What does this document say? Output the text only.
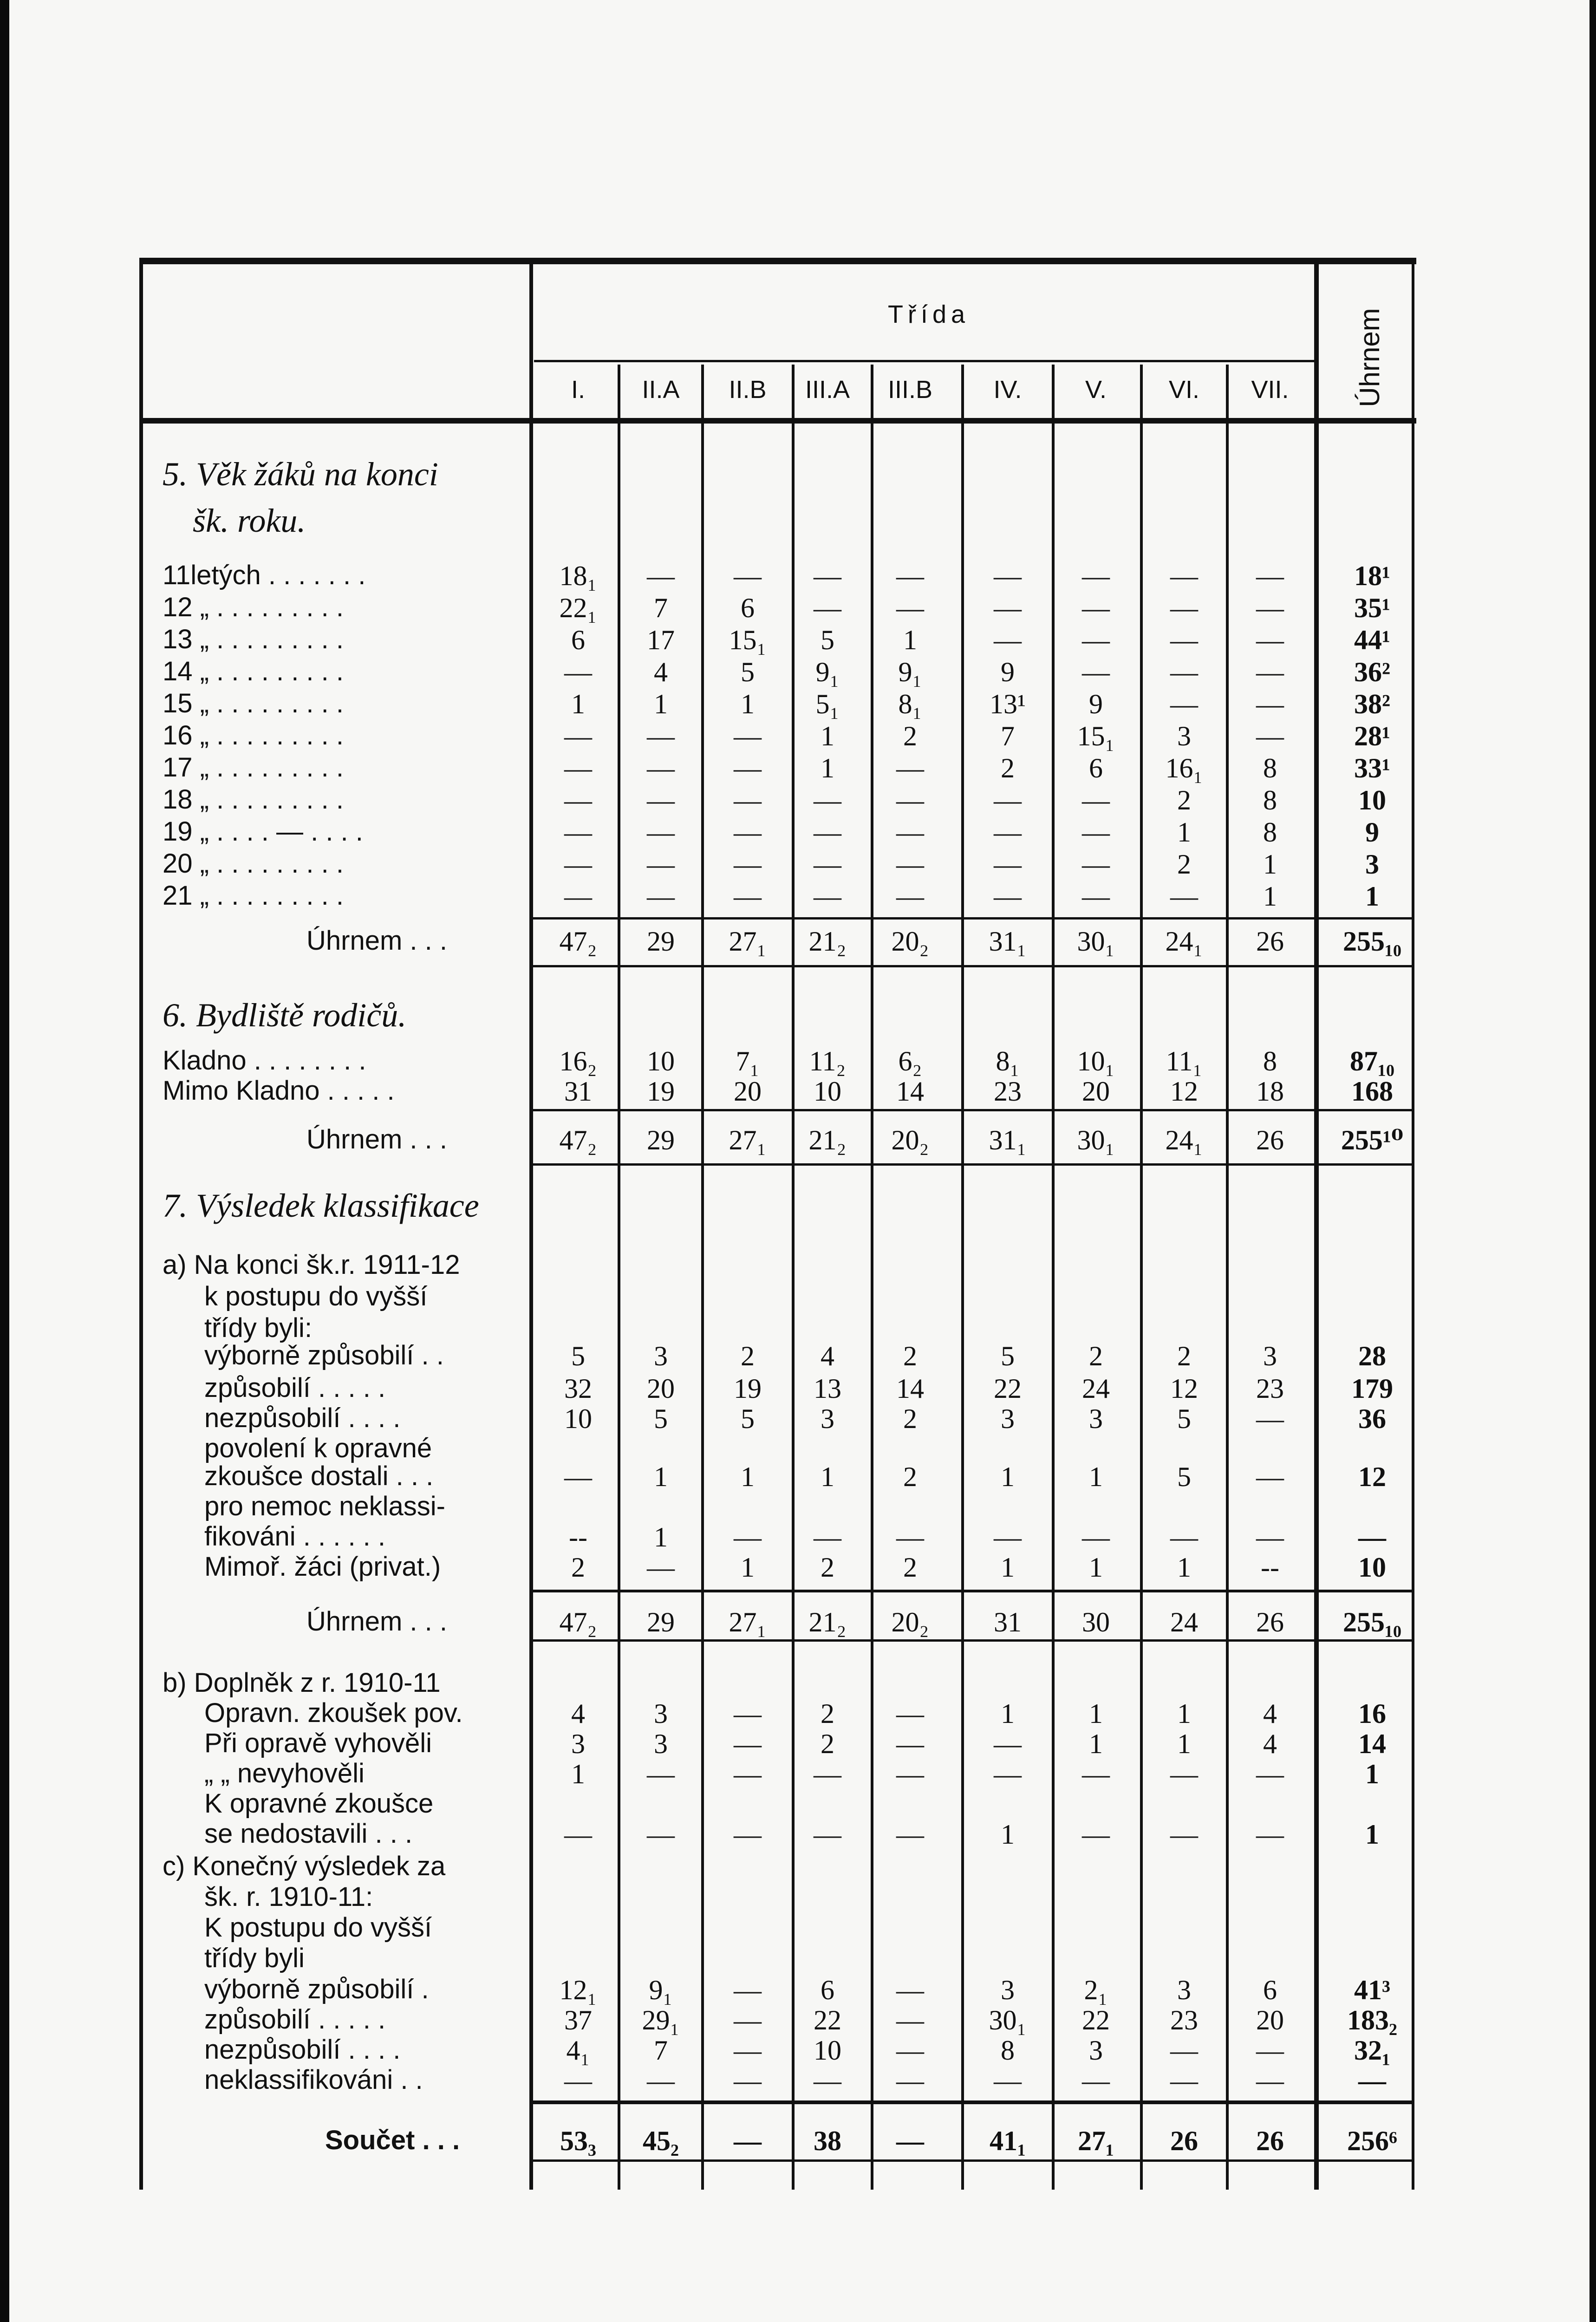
Třída
I.	II.A	II.B	III.A	III.B	IV.	V.	VI.	VII.	Úhrnem
5. Věk žáků na konci
šk. roku.
11letých . . . . . . .	18₁	—	—	—	—	—	—	—	—	18¹
12 „ . . . . . . . . .	22₁	7	6	—	—	—	—	—	—	35¹
13 „ . . . . . . . . .	6	17	15₁	5	1	—	—	—	—	44¹
14 „ . . . . . . . . .	—	4	5	9₁	9₁	9	—	—	—	36²
15 „ . . . . . . . . .	1	1	1	5₁	8₁	13¹	9	—	—	38²
16 „ . . . . . . . . .	—	—	—	1	2	7	15₁	3	—	28¹
17 „ . . . . . . . . .	—	—	—	1	—	2	6	16₁	8	33¹
18 „ . . . . . . . . .	—	—	—	—	—	—	—	2	8	10
19 „ . . . . — . . . .	—	—	—	—	—	—	—	1	8	9
20 „ . . . . . . . . .	—	—	—	—	—	—	—	2	1	3
21 „ . . . . . . . . .	—	—	—	—	—	—	—	—	1	1
Úhrnem . . .	47₂	29	27₁	21₂	20₂	31₁	30₁	24₁	26	255₁₀
6. Bydliště rodičů.
Kladno . . . . . . . .	16₂	10	7₁	11₂	6₂	8₁	10₁	11₁	8	87₁₀
Mimo Kladno . . . . .	31	19	20	10	14	23	20	12	18	168
Úhrnem . . .	47₂	29	27₁	21₂	20₂	31₁	30₁	24₁	26	255¹⁰
7. Výsledek klassifikace
a) Na konci šk.r. 1911-12
k postupu do vyšší
třídy byli:
výborně způsobilí . .	5	3	2	4	2	5	2	2	3	28
způsobilí . . . . .	32	20	19	13	14	22	24	12	23	179
nezpůsobilí . . . .	10	5	5	3	2	3	3	5	—	36
povolení k opravné
zkoušce dostali . . .	—	1	1	1	2	1	1	5	—	12
pro nemoc neklassi-
fikováni . . . . . .	--	1	—	—	—	—	—	—	—	—
Mimoř. žáci (privat.)	2	—	1	2	2	1	1	1	--	10
Úhrnem . . .	47₂	29	27₁	21₂	20₂	31	30	24	26	255₁₀
b) Doplněk z r. 1910-11
Opravn. zkoušek pov.	4	3	—	2	—	1	1	1	4	16
Při opravě vyhověli	3	3	—	2	—	—	1	1	4	14
„ „ nevyhověli	1	—	—	—	—	—	—	—	—	1
K opravné zkoušce
se nedostavili . . .	—	—	—	—	—	1	—	—	—	1
c) Konečný výsledek za
šk. r. 1910-11:
K postupu do vyšší
třídy byli
výborně způsobilí .	12₁	9₁	—	6	—	3	2₁	3	6	41³
způsobilí . . . . .	37	29₁	—	22	—	30₁	22	23	20	183₂
nezpůsobilí . . . .	4₁	7	—	10	—	8	3	—	—	32₁
neklassifikováni . .	—	—	—	—	—	—	—	—	—	—
Součet . . .	53₃	45₂	—	38	—	41₁	27₁	26	26	256⁶
